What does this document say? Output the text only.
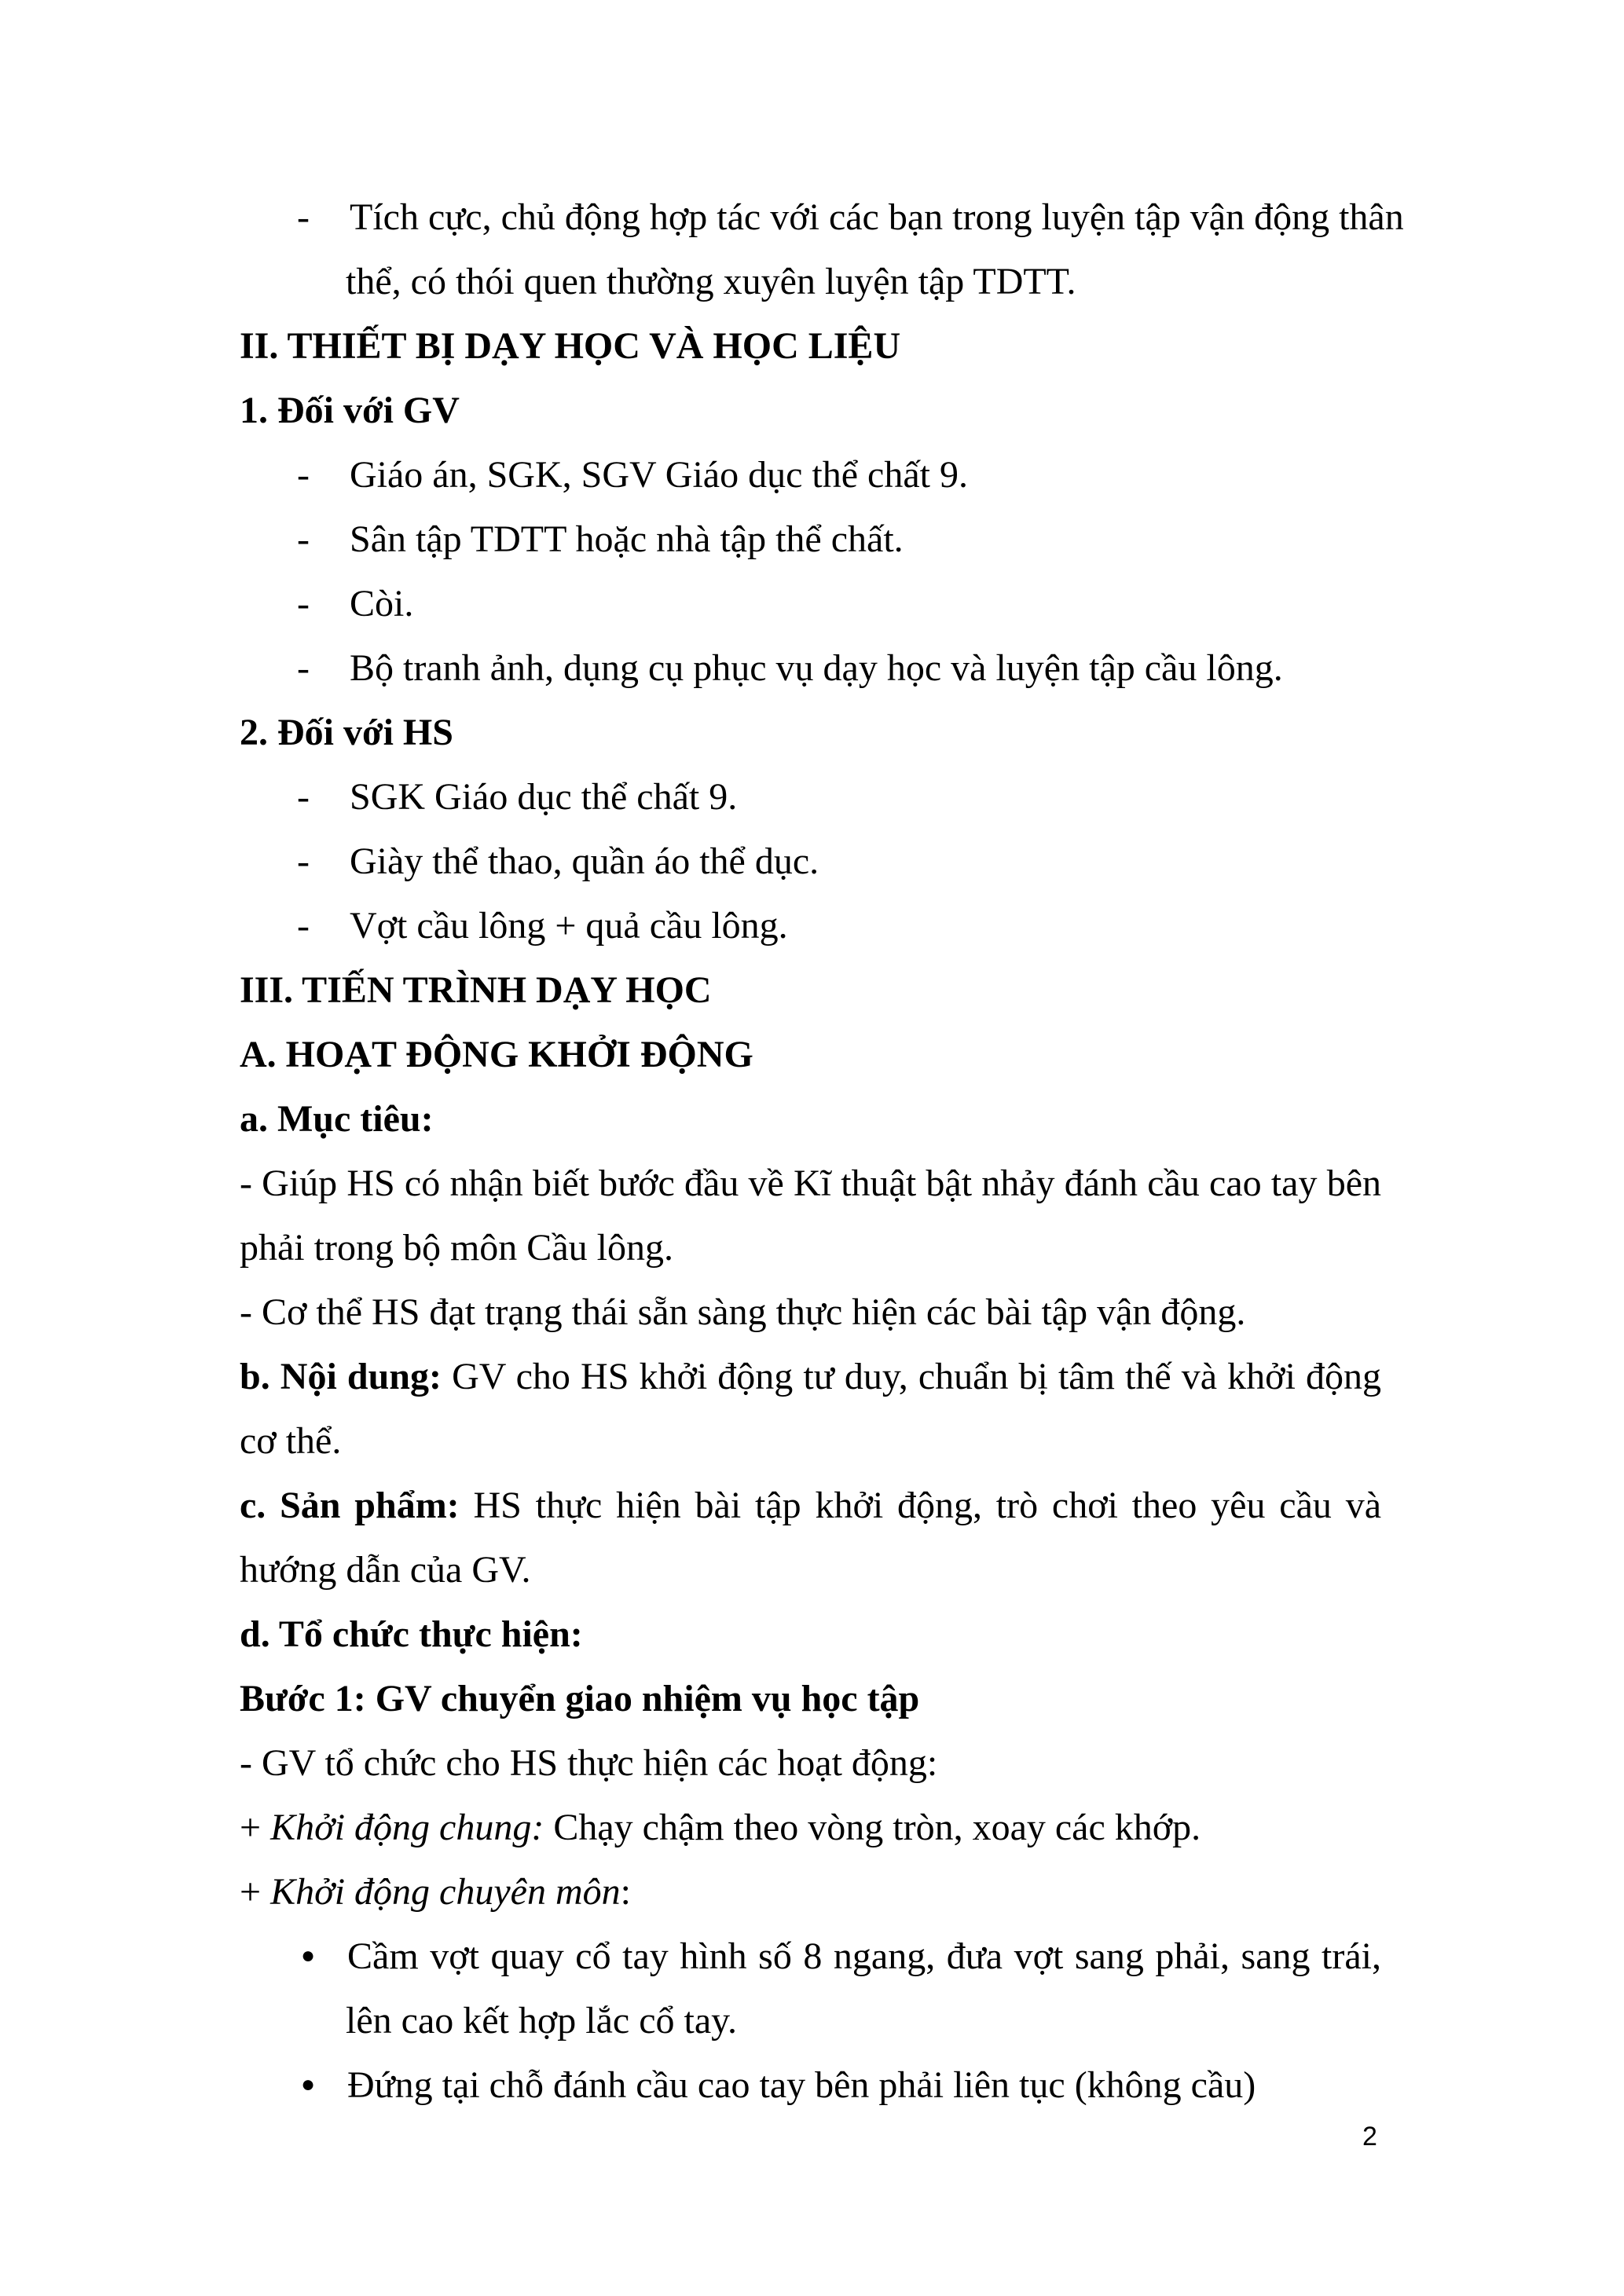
- Tích cực, chủ động hợp tác với các bạn trong luyện tập vận động thân
thể, có thói quen thường xuyên luyện tập TDTT.
II. THIẾT BỊ DẠY HỌC VÀ HỌC LIỆU
1. Đối với GV
- Giáo án, SGK, SGV Giáo dục thể chất 9.
- Sân tập TDTT hoặc nhà tập thể chất.
- Còi.
- Bộ tranh ảnh, dụng cụ phục vụ dạy học và luyện tập cầu lông.
2. Đối với HS
- SGK Giáo dục thể chất 9.
- Giày thể thao, quần áo thể dục.
- Vợt cầu lông + quả cầu lông.
III. TIẾN TRÌNH DẠY HỌC
A. HOẠT ĐỘNG KHỞI ĐỘNG
a. Mục tiêu:
- Giúp HS có nhận biết bước đầu về Kĩ thuật bật nhảy đánh cầu cao tay bên
phải trong bộ môn Cầu lông.
- Cơ thể HS đạt trạng thái sẵn sàng thực hiện các bài tập vận động.
b. Nội dung: GV cho HS khởi động tư duy, chuẩn bị tâm thế và khởi động
cơ thể.
c. Sản phẩm: HS thực hiện bài tập khởi động, trò chơi theo yêu cầu và
hướng dẫn của GV.
d. Tổ chức thực hiện:
Bước 1: GV chuyển giao nhiệm vụ học tập
- GV tổ chức cho HS thực hiện các hoạt động:
+ Khởi động chung: Chạy chậm theo vòng tròn, xoay các khớp.
+ Khởi động chuyên môn:
● Cầm vợt quay cổ tay hình số 8 ngang, đưa vợt sang phải, sang trái,
lên cao kết hợp lắc cổ tay.
● Đứng tại chỗ đánh cầu cao tay bên phải liên tục (không cầu)
2
